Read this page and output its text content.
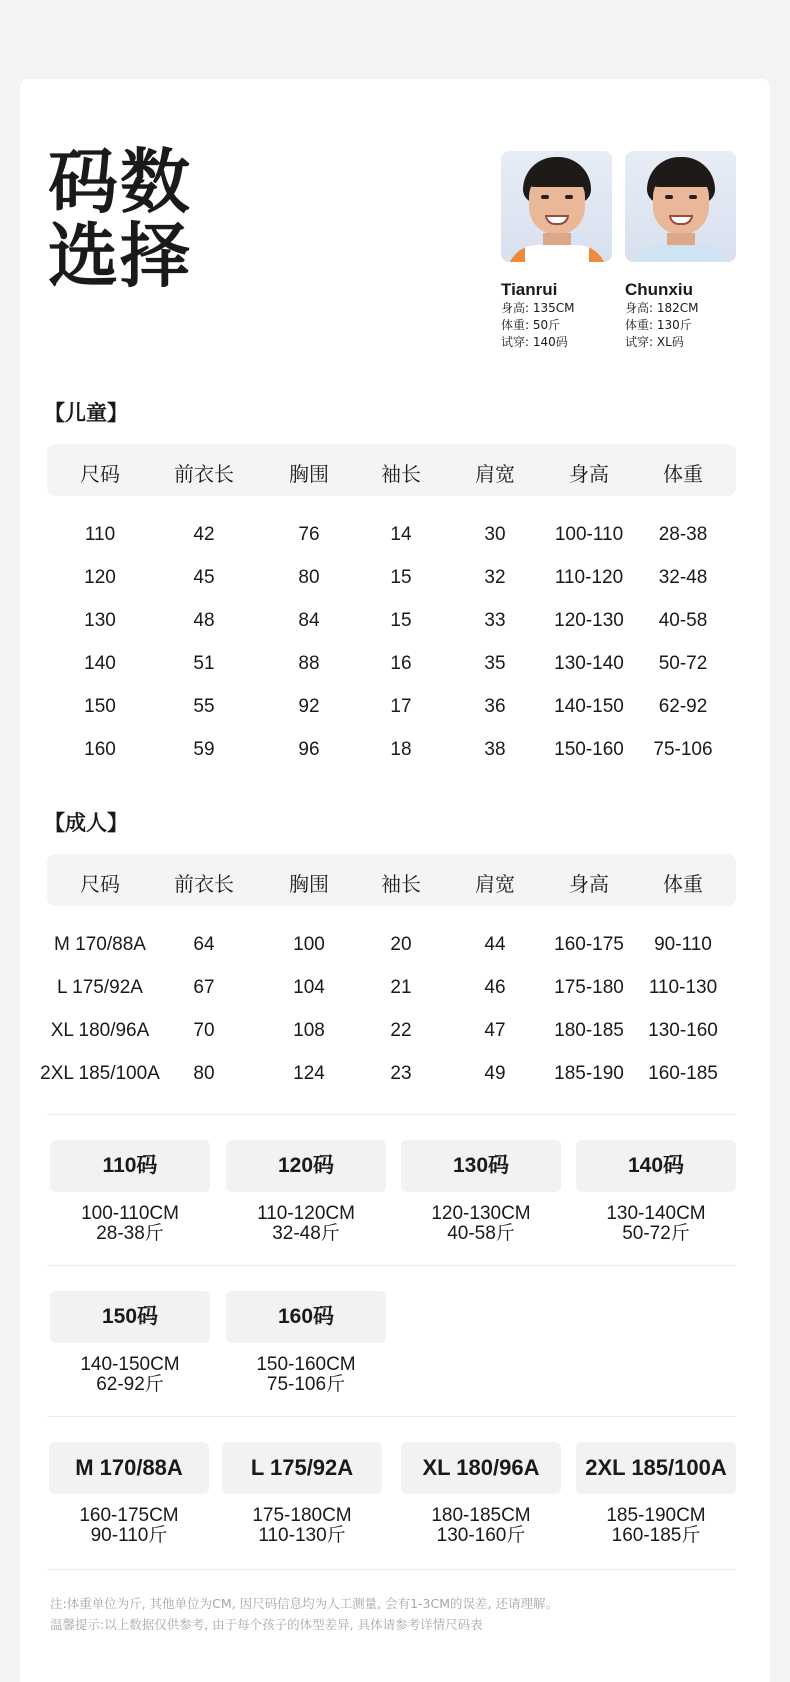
码数
选择	Tianrui
身高: 135CM
体重: 50斤
试穿: 140码
Chunxiu
身高: 182CM
体重: 130斤
试穿: XL码
【儿童】
尺码	前衣长	胸围	袖长	肩宽	身高	体重
110	42	76	14	30	100-110	28-38
120	45	80	15	32	110-120	32-48
130	48	84	15	33	120-130	40-58
140	51	88	16	35	130-140	50-72
150	55	92	17	36	140-150	62-92
160	59	96	18	38	150-160	75-106
【成人】
尺码	前衣长	胸围	袖长	肩宽	身高	体重
M 170/88A	64	100	20	44	160-175	90-110
L 175/92A	67	104	21	46	175-180	110-130
XL 180/96A	70	108	22	47	180-185	130-160
2XL 185/100A	80	124	23	49	185-190	160-185
110码
100-110CM
28-38斤
120码
110-120CM
32-48斤
130码
120-130CM
40-58斤
140码
130-140CM
50-72斤
150码
140-150CM
62-92斤
160码
150-160CM
75-106斤
M 170/88A
160-175CM
90-110斤
L 175/92A
175-180CM
110-130斤
XL 180/96A
180-185CM
130-160斤
2XL 185/100A
185-190CM
160-185斤
注:体重单位为斤, 其他单位为CM, 因尺码信息均为人工测量, 会有1-3CM的误差, 还请理解。
温馨提示:以上数据仅供参考, 由于每个孩子的体型差异, 具体请参考详情尺码表
